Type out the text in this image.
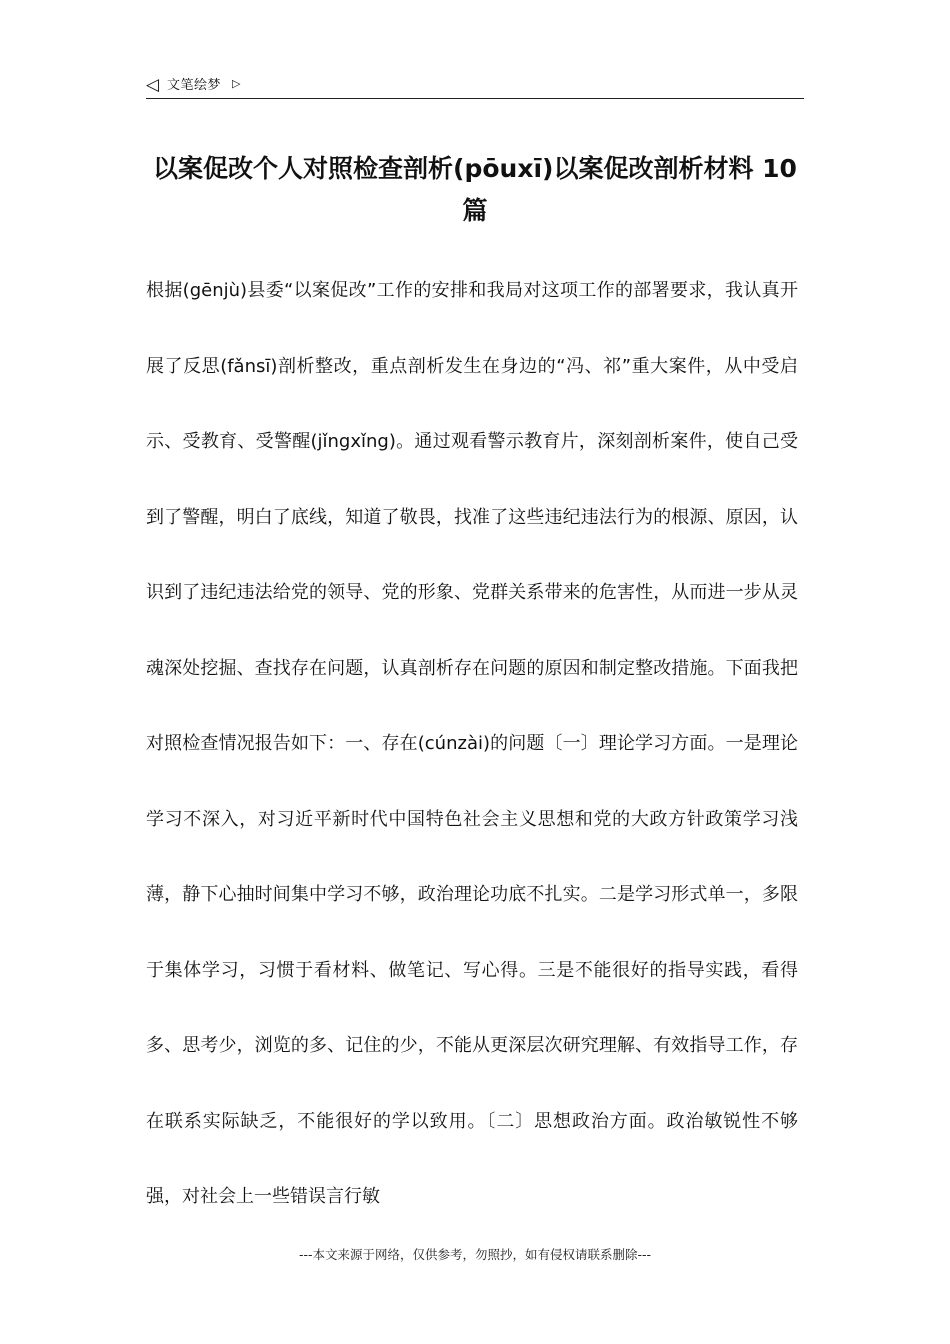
◁ 文笔绘梦 ▷
以案促改个人对照检查剖析(pōuxī)以案促改剖析材料 10 篇

根据(gēnjù)县委“以案促改”工作的安排和我局对这项工作的部署要求，我认真开展了反思(fǎnsī)剖析整改，重点剖析发生在身边的“冯、祁”重大案件，从中受启示、受教育、受警醒(jǐngxǐng)。通过观看警示教育片，深刻剖析案件，使自己受到了警醒，明白了底线，知道了敬畏，找准了这些违纪违法行为的根源、原因，认识到了违纪违法给党的领导、党的形象、党群关系带来的危害性，从而进一步从灵魂深处挖掘、查找存在问题，认真剖析存在问题的原因和制定整改措施。下面我把对照检查情况报告如下：一、存在(cúnzài)的问题〔一〕理论学习方面。一是理论学习不深入，对习近平新时代中国特色社会主义思想和党的大政方针政策学习浅薄，静下心抽时间集中学习不够，政治理论功底不扎实。二是学习形式单一，多限于集体学习，习惯于看材料、做笔记、写心得。三是不能很好的指导实践，看得多、思考少，浏览的多、记住的少，不能从更深层次研究理解、有效指导工作，存在联系实际缺乏，不能很好的学以致用。〔二〕思想政治方面。政治敏锐性不够强，对社会上一些错误言行敏

---本文来源于网络，仅供参考，勿照抄，如有侵权请联系删除---
